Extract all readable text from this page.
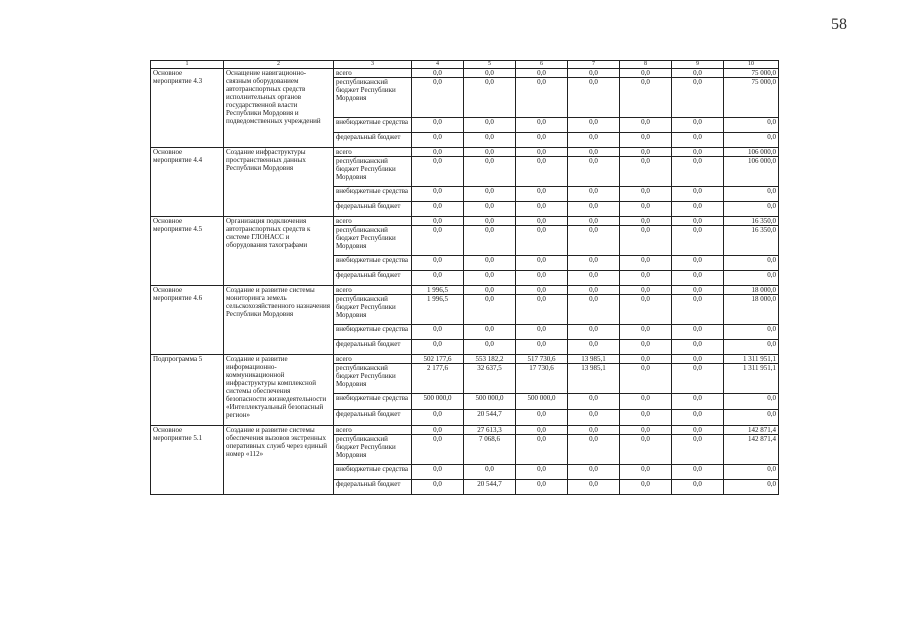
58
1	2	3	4	5	6	7	8	9	10
Основное мероприятие 4.3	Оснащение навигационно-связным оборудованием автотранспортных средств исполнительных органов государственной власти Республики Мордовия и подведомственных учреждений	всего	0,0	0,0	0,0	0,0	0,0	0,0	75 000,0
		республиканский бюджет Республики Мордовия	0,0	0,0	0,0	0,0	0,0	0,0	75 000,0
		внебюджетные средства	0,0	0,0	0,0	0,0	0,0	0,0	0,0
		федеральный бюджет	0,0	0,0	0,0	0,0	0,0	0,0	0,0
Основное мероприятие 4.4	Создание инфраструктуры пространственных данных Республики Мордовия	всего	0,0	0,0	0,0	0,0	0,0	0,0	106 000,0
		республиканский бюджет Республики Мордовия	0,0	0,0	0,0	0,0	0,0	0,0	106 000,0
		внебюджетные средства	0,0	0,0	0,0	0,0	0,0	0,0	0,0
		федеральный бюджет	0,0	0,0	0,0	0,0	0,0	0,0	0,0
Основное мероприятие 4.5	Организация подключения автотранспортных средств к системе ГЛОНАСС и оборудования тахографами	всего	0,0	0,0	0,0	0,0	0,0	0,0	16 350,0
		республиканский бюджет Республики Мордовия	0,0	0,0	0,0	0,0	0,0	0,0	16 350,0
		внебюджетные средства	0,0	0,0	0,0	0,0	0,0	0,0	0,0
		федеральный бюджет	0,0	0,0	0,0	0,0	0,0	0,0	0,0
Основное мероприятие 4.6	Создание и развитие системы мониторинга земель сельскохозяйственного назначения Республики Мордовия	всего	1 996,5	0,0	0,0	0,0	0,0	0,0	18 000,0
		республиканский бюджет Республики Мордовия	1 996,5	0,0	0,0	0,0	0,0	0,0	18 000,0
		внебюджетные средства	0,0	0,0	0,0	0,0	0,0	0,0	0,0
		федеральный бюджет	0,0	0,0	0,0	0,0	0,0	0,0	0,0
Подпрограмма 5	Создание и развитие информационно-коммуникационной инфраструктуры комплексной системы обеспечения безопасности жизнедеятельности «Интеллектуальный безопасный регион»	всего	502 177,6	553 182,2	517 730,6	13 985,1	0,0	0,0	1 311 951,1
		республиканский бюджет Республики Мордовия	2 177,6	32 637,5	17 730,6	13 985,1	0,0	0,0	1 311 951,1
		внебюджетные средства	500 000,0	500 000,0	500 000,0	0,0	0,0	0,0	0,0
		федеральный бюджет	0,0	20 544,7	0,0	0,0	0,0	0,0	0,0
Основное мероприятие 5.1	Создание и развитие системы обеспечения вызовов экстренных оперативных служб через единый номер «112»	всего	0,0	27 613,3	0,0	0,0	0,0	0,0	142 871,4
		республиканский бюджет Республики Мордовия	0,0	7 068,6	0,0	0,0	0,0	0,0	142 871,4
		внебюджетные средства	0,0	0,0	0,0	0,0	0,0	0,0	0,0
		федеральный бюджет	0,0	20 544,7	0,0	0,0	0,0	0,0	0,0
